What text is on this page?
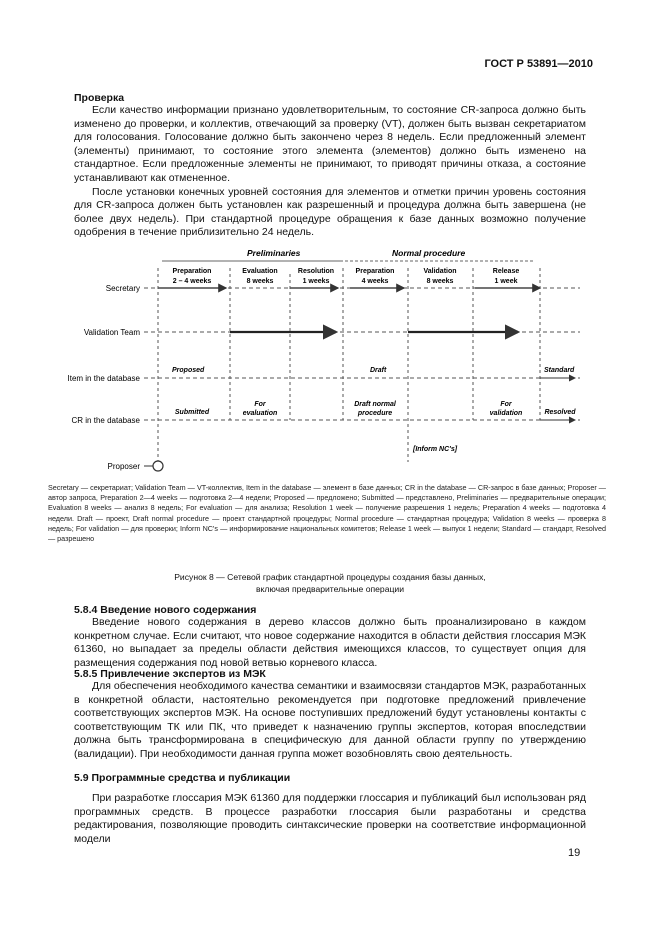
ГОСТ Р 53891—2010
Проверка
Если качество информации признано удовлетворительным, то состояние CR-запроса должно быть изменено до проверки, и коллектив, отвечающий за проверку (VT), должен быть вызван секретариатом для голосования. Голосование должно быть закончено через 8 недель. Если предложенный элемент (элементы) принимают, то состояние этого элемента (элементов) должно быть изменено на стандартное. Если предложенные элементы не принимают, то приводят причины отказа, а состояние устанавливают как отмененное.
После установки конечных уровней состояния для элементов и отметки причин уровень состояния для CR-запроса должен быть установлен как разрешенный и процедура должна быть завершена (не более двух недель). При стандартной процедуре обращения к базе данных возможно получение одобрения в течение приблизительно 24 недель.
Preliminaries	Normal procedure
Secretary
Validation Team
Item in the database
CR in the database
Proposer
Preparation
2 – 4 weeks
Evaluation
8 weeks
Resolution
1 weeks
Preparation
4 weeks
Validation
8 weeks
Release
1 week
Proposed	Draft	Standard
Submitted
For
evaluation
Draft normal
procedure
For
validation	Resolved
[Inform NC's]
Secretary — секретариат; Validation Team — VT-коллектив, Item in the database — элемент в базе данных; CR in the database — CR-запрос в базе данных; Proposer — автор запроса, Preparation 2—4 weeks — подготовка 2—4 недели; Proposed — предложено; Submitted — представлено, Preliminaries — предварительные операции; Evaluation 8 weeks — анализ 8 недель; For evaluation — для анализа; Resolution 1 week — получение разрешения 1 недель; Preparation 4 weeks — подготовка 4 недели. Draft — проект, Draft normal procedure — проект стандартной процедуры; Normal procedure — стандартная процедура; Validation 8 weeks — проверка 8 недель; For validation — для проверки; Inform NC's — информирование национальных комитетов; Release 1 week — выпуск 1 недели; Standard — стандарт, Resolved — разрешено
Рисунок 8 — Сетевой график стандартной процедуры создания базы данных,
включая предварительные операции
5.8.4 Введение нового содержания
Введение нового содержания в дерево классов должно быть проанализировано в каждом конкретном случае. Если считают, что новое содержание находится в области действия глоссария МЭК 61360, но выпадает за пределы области действия имеющихся классов, то существует опция для размещения содержания под новой ветвью корневого класса.
5.8.5 Привлечение экспертов из МЭК
Для обеспечения необходимого качества семантики и взаимосвязи стандартов МЭК, разработанных в конкретной области, настоятельно рекомендуется при подготовке предложений привлечение соответствующих экспертов МЭК. На основе поступивших предложений будут установлены контакты с соответствующим ТК или ПК, что приведет к назначению группы экспертов, которая впоследствии должна быть трансформирована в специфическую для данной области группу по утверждению (валидации). При необходимости данная группа может возобновлять свою деятельность.
5.9 Программные средства и публикации
При разработке глоссария МЭК 61360 для поддержки глоссария и публикаций был использован ряд программных средств. В процессе разработки глоссария были разработаны и средства редактирования, позволяющие проводить синтаксические проверки на соответствие информационной модели
19
